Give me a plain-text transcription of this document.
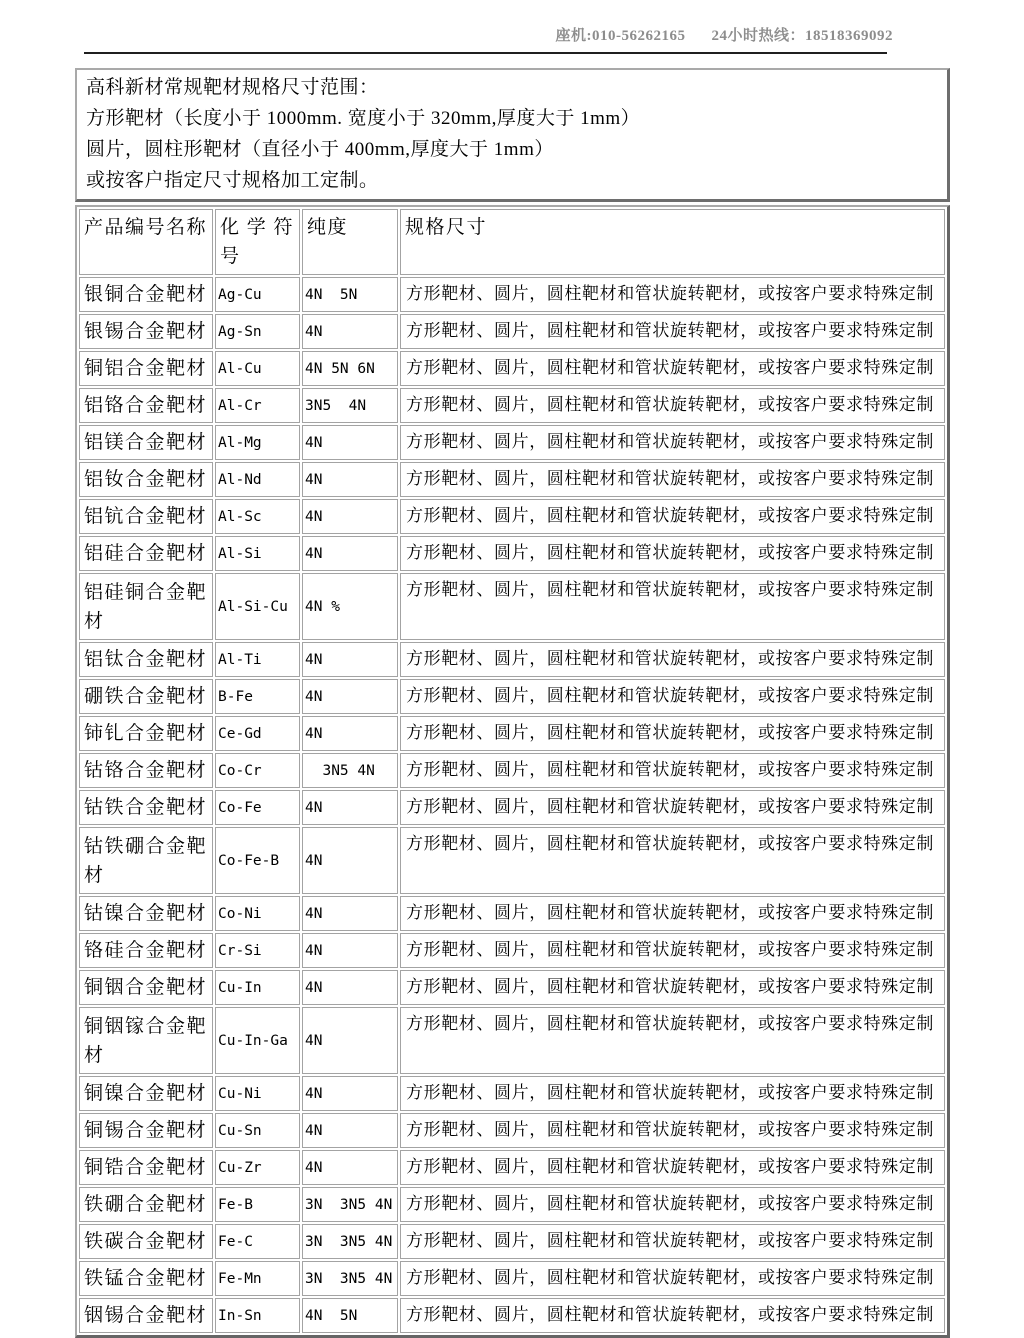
座机:010-56262165 24小时热线：18518369092

高科新材常规靶材规格尺寸范围：

方形靶材（长度小于 1000mm. 宽度小于 320mm,厚度大于 1mm）

圆片，圆柱形靶材（直径小于 400mm,厚度大于 1mm）

或按客户指定尺寸规格加工定制。

产品编号名称	化 学 符号	纯度	规格尺寸
银铜合金靶材	Ag-Cu	4N  5N	方形靶材、圆片，圆柱靶材和管状旋转靶材，或按客户要求特殊定制
银锡合金靶材	Ag-Sn	4N	方形靶材、圆片，圆柱靶材和管状旋转靶材，或按客户要求特殊定制
铜铝合金靶材	Al-Cu	4N 5N 6N	方形靶材、圆片，圆柱靶材和管状旋转靶材，或按客户要求特殊定制
铝铬合金靶材	Al-Cr	3N5  4N	方形靶材、圆片，圆柱靶材和管状旋转靶材，或按客户要求特殊定制
铝镁合金靶材	Al-Mg	4N	方形靶材、圆片，圆柱靶材和管状旋转靶材，或按客户要求特殊定制
铝钕合金靶材	Al-Nd	4N	方形靶材、圆片，圆柱靶材和管状旋转靶材，或按客户要求特殊定制
铝钪合金靶材	Al-Sc	4N	方形靶材、圆片，圆柱靶材和管状旋转靶材，或按客户要求特殊定制
铝硅合金靶材	Al-Si	4N	方形靶材、圆片，圆柱靶材和管状旋转靶材，或按客户要求特殊定制
铝硅铜合金靶材	Al-Si-Cu	4N %	方形靶材、圆片，圆柱靶材和管状旋转靶材，或按客户要求特殊定制
铝钛合金靶材	Al-Ti	4N	方形靶材、圆片，圆柱靶材和管状旋转靶材，或按客户要求特殊定制
硼铁合金靶材	B-Fe	4N	方形靶材、圆片，圆柱靶材和管状旋转靶材，或按客户要求特殊定制
铈钆合金靶材	Ce-Gd	4N	方形靶材、圆片，圆柱靶材和管状旋转靶材，或按客户要求特殊定制
钴铬合金靶材	Co-Cr	3N5 4N	方形靶材、圆片，圆柱靶材和管状旋转靶材，或按客户要求特殊定制
钴铁合金靶材	Co-Fe	4N	方形靶材、圆片，圆柱靶材和管状旋转靶材，或按客户要求特殊定制
钴铁硼合金靶材	Co-Fe-B	4N	方形靶材、圆片，圆柱靶材和管状旋转靶材，或按客户要求特殊定制
钴镍合金靶材	Co-Ni	4N	方形靶材、圆片，圆柱靶材和管状旋转靶材，或按客户要求特殊定制
铬硅合金靶材	Cr-Si	4N	方形靶材、圆片，圆柱靶材和管状旋转靶材，或按客户要求特殊定制
铜铟合金靶材	Cu-In	4N	方形靶材、圆片，圆柱靶材和管状旋转靶材，或按客户要求特殊定制
铜铟镓合金靶材	Cu-In-Ga	4N	方形靶材、圆片，圆柱靶材和管状旋转靶材，或按客户要求特殊定制
铜镍合金靶材	Cu-Ni	4N	方形靶材、圆片，圆柱靶材和管状旋转靶材，或按客户要求特殊定制
铜锡合金靶材	Cu-Sn	4N	方形靶材、圆片，圆柱靶材和管状旋转靶材，或按客户要求特殊定制
铜锆合金靶材	Cu-Zr	4N	方形靶材、圆片，圆柱靶材和管状旋转靶材，或按客户要求特殊定制
铁硼合金靶材	Fe-B	3N  3N5 4N	方形靶材、圆片，圆柱靶材和管状旋转靶材，或按客户要求特殊定制
铁碳合金靶材	Fe-C	3N  3N5 4N	方形靶材、圆片，圆柱靶材和管状旋转靶材，或按客户要求特殊定制
铁锰合金靶材	Fe-Mn	3N  3N5 4N	方形靶材、圆片，圆柱靶材和管状旋转靶材，或按客户要求特殊定制
铟锡合金靶材	In-Sn	4N  5N	方形靶材、圆片，圆柱靶材和管状旋转靶材，或按客户要求特殊定制
